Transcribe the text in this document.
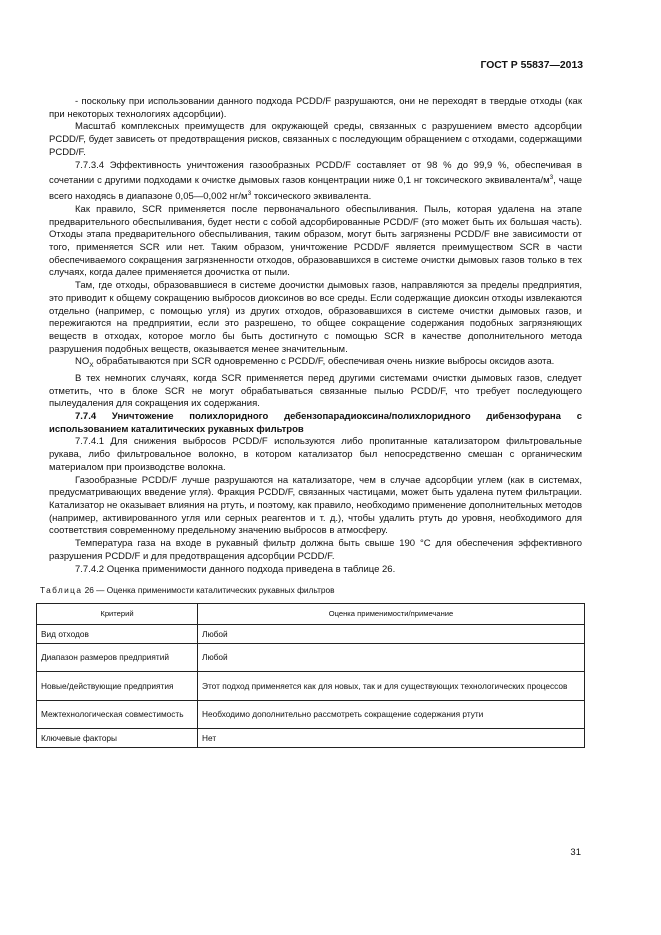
ГОСТ Р 55837—2013

- поскольку при использовании данного подхода PCDD/F разрушаются, они не переходят в твердые отходы (как при некоторых технологиях адсорбции).

Масштаб комплексных преимуществ для окружающей среды, связанных с разрушением вместо адсорбции PCDD/F, будет зависеть от предотвращения рисков, связанных с последующим обращением с отходами, содержащими PCDD/F.

7.7.3.4 Эффективность уничтожения газообразных PCDD/F составляет от 98 % до 99,9 %, обеспечивая в сочетании с другими подходами к очистке дымовых газов концентрации ниже 0,1 нг токсического эквивалента/$м^3$, чаще всего находясь в диапазоне 0,05—0,002 $нг/м^3$ токсического эквивалента.

Как правило, SCR применяется после первоначального обеспыливания. Пыль, которая удалена на этапе предварительного обеспыливания, будет нести с собой адсорбированные PCDD/F (это может быть их большая часть). Отходы этапа предварительного обеспыливания, таким образом, могут быть загрязнены PCDD/F вне зависимости от того, применяется SCR или нет. Таким образом, уничтожение PCDD/F является преимуществом SCR в части обеспечиваемого сокращения загрязненности отходов, образовавшихся в системе очистки дымовых газов только в тех случаях, когда далее применяется доочистка от пыли.

Там, где отходы, образовавшиеся в системе доочистки дымовых газов, направляются за пределы предприятия, это приводит к общему сокращению выбросов диоксинов во все среды. Если содержащие диоксин отходы извлекаются отдельно (например, с помощью угля) из других отходов, образовавшихся в системе очистки дымовых газов, и пережигаются на предприятии, если это разрешено, то общее сокращение содержания подобных загрязняющих веществ в отходах, которое могло бы быть достигнуто с помощью SCR в качестве дополнительного метода разрушения подобных веществ, оказывается менее значительным.

$NO_X$ обрабатываются при SCR одновременно с PCDD/F, обеспечивая очень низкие выбросы оксидов азота.

В тех немногих случаях, когда SCR применяется перед другими системами очистки дымовых газов, следует отметить, что в блоке SCR не могут обрабатываться связанные пылью PCDD/F, что требует последующего пылеудаления для сокращения их содержания.

7.7.4 Уничтожение полихлоридного дебензопарадиоксина/полихлоридного дибензофурана с использованием каталитических рукавных фильтров

7.7.4.1 Для снижения выбросов PCDD/F используются либо пропитанные катализатором фильтровальные рукава, либо фильтровальное волокно, в котором катализатор был непосредственно смешан с органическим материалом при производстве волокна.

Газообразные PCDD/F лучше разрушаются на катализаторе, чем в случае адсорбции углем (как в системах, предусматривающих введение угля). Фракция PCDD/F, связанных частицами, может быть удалена путем фильтрации. Катализатор не оказывает влияния на ртуть, и поэтому, как правило, необходимо применение дополнительных методов (например, активированного угля или серных реагентов и т. д.), чтобы удалить ртуть до уровня, необходимого для соответствия современному предельному значению выбросов в атмосферу.

Температура газа на входе в рукавный фильтр должна быть свыше 190 °С для обеспечения эффективного разрушения PCDD/F и для предотвращения адсорбции PCDD/F.

7.7.4.2 Оценка применимости данного подхода приведена в таблице 26.

Таблица 26 — Оценка применимости каталитических рукавных фильтров
Критерий	Оценка применимости/примечание
Вид отходов	Любой
Диапазон размеров предприятий	Любой
Новые/действующие предприятия	Этот подход применяется как для новых, так и для существующих технологических процессов
Межтехнологическая совместимость	Необходимо дополнительно рассмотреть сокращение содержания ртути
Ключевые факторы	Нет
31
